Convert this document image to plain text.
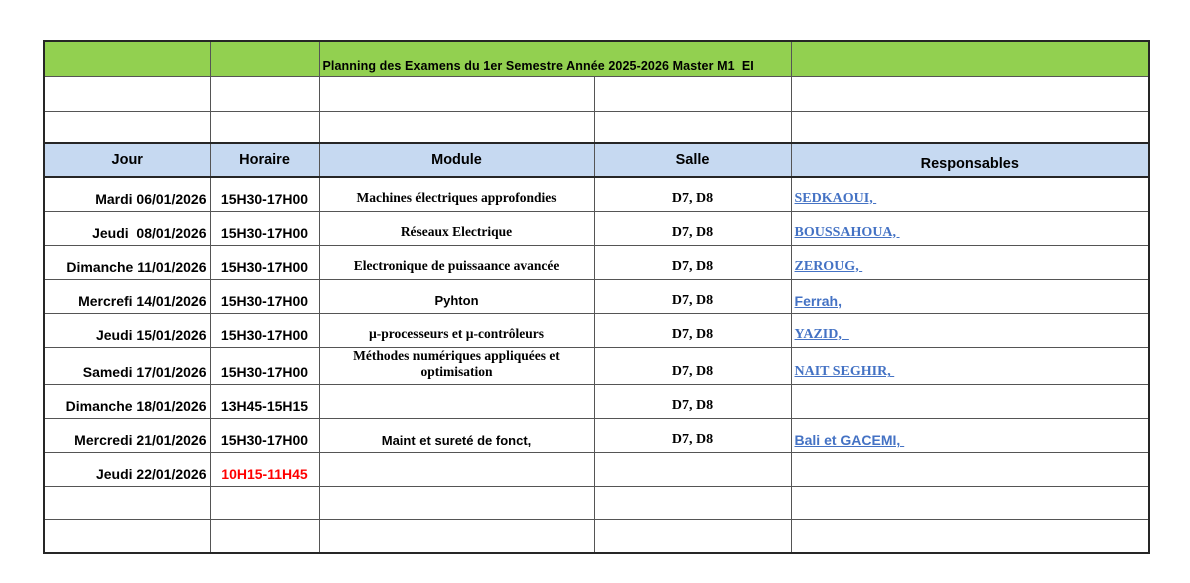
		Planning des Examens du 1er Semestre Année 2025-2026 Master M1  EI		

Jour	Horaire	Module	Salle	Responsables
Mardi 06/01/2026	15H30-17H00	Machines électriques approfondies	D7, D8	SEDKAOUI,
Jeudi  08/01/2026	15H30-17H00	Réseaux Electrique	D7, D8	BOUSSAHOUA,
Dimanche 11/01/2026	15H30-17H00	Electronique de puissaance avancée	D7, D8	ZEROUG,
Mercrefi 14/01/2026	15H30-17H00	Pyhton	D7, D8	Ferrah,
Jeudi 15/01/2026	15H30-17H00	µ-processeurs et µ-contrôleurs	D7, D8	YAZID,
Samedi 17/01/2026	15H30-17H00	Méthodes numériques appliquées et optimisation	D7, D8	NAIT SEGHIR,
Dimanche 18/01/2026	13H45-15H15		D7, D8	
Mercredi 21/01/2026	15H30-17H00	Maint et sureté de fonct,	D7, D8	Bali et GACEMI,
Jeudi 22/01/2026	10H15-11H45			
